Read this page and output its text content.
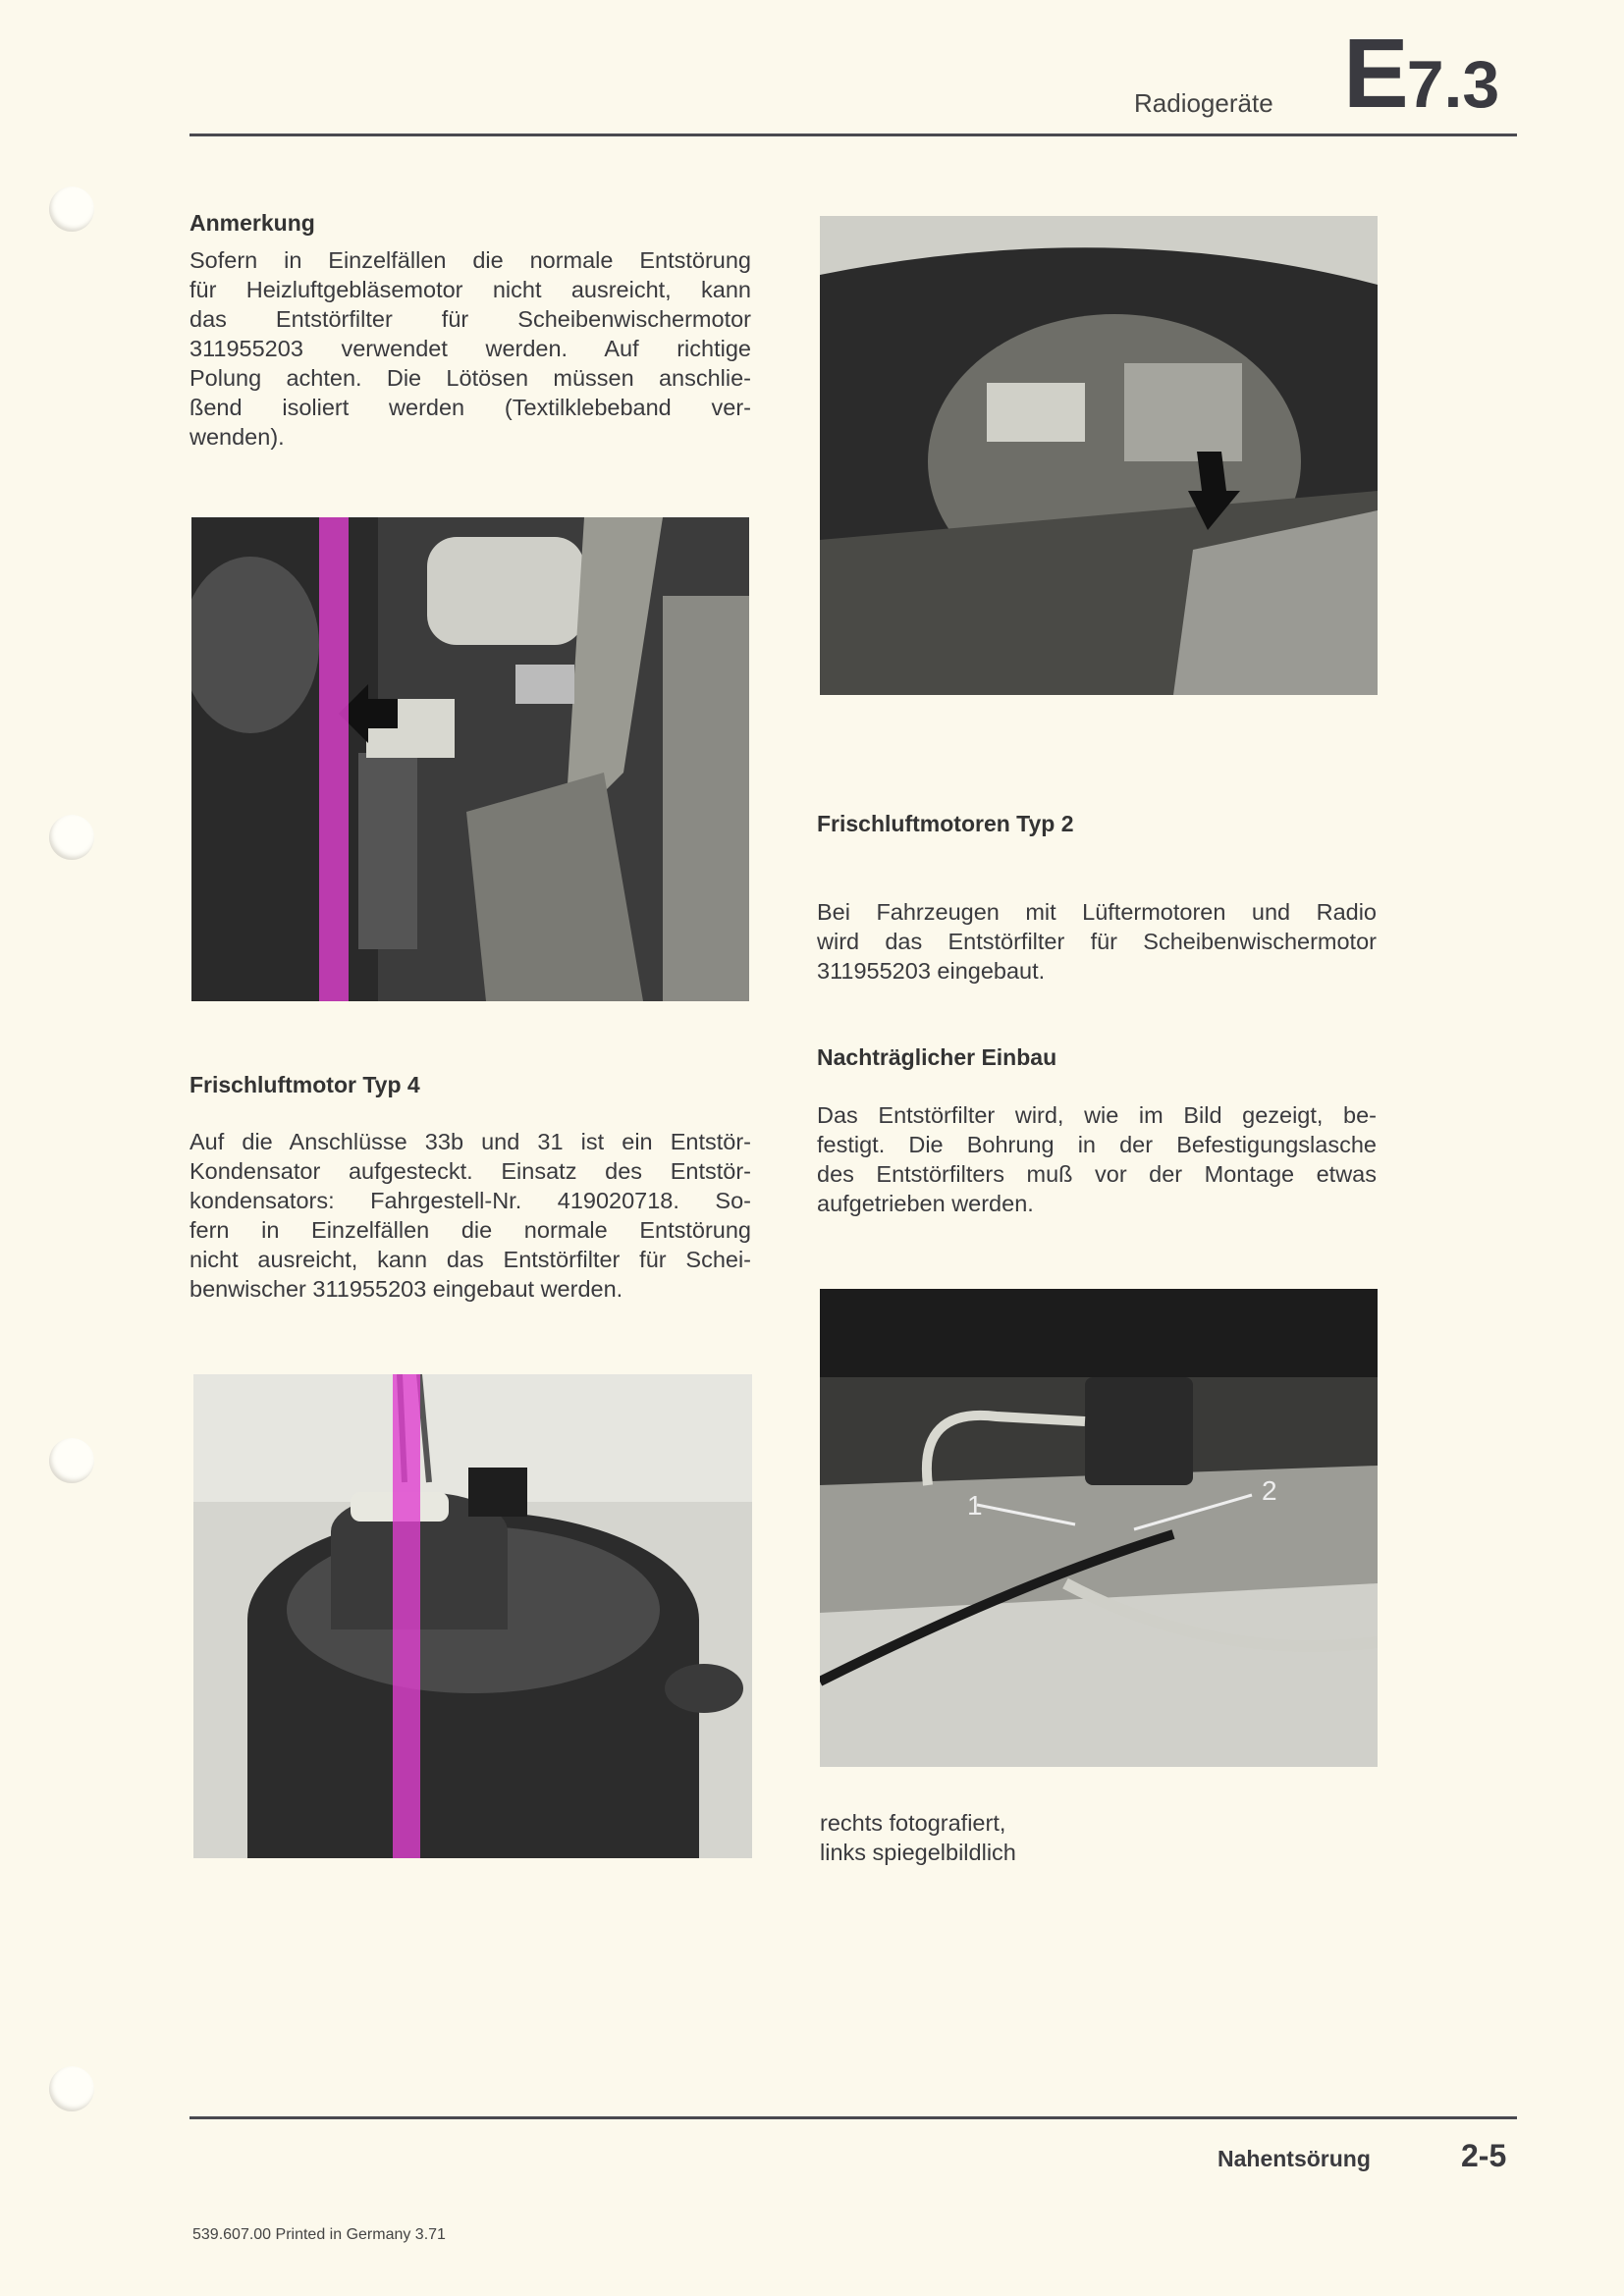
Radiogeräte E7.3
Anmerkung
Sofern in Einzelfällen die normale Entstörung
für Heizluftgebläsemotor nicht ausreicht, kann
das Entstörfilter für Scheibenwischermotor
311955203 verwendet werden. Auf richtige
Polung achten. Die Lötösen müssen anschlie-
ßend isoliert werden (Textilklebeband ver-
wenden).
Frischluftmotor Typ 4
Auf die Anschlüsse 33b und 31 ist ein Entstör-
Kondensator aufgesteckt. Einsatz des Entstör-
kondensators: Fahrgestell-Nr. 419020718. So-
fern in Einzelfällen die normale Entstörung
nicht ausreicht, kann das Entstörfilter für Schei-
benwischer 311955203 eingebaut werden.
Frischluftmotoren Typ 2
Bei Fahrzeugen mit Lüftermotoren und Radio
wird das Entstörfilter für Scheibenwischermotor
311955203 eingebaut.
Nachträglicher Einbau
Das Entstörfilter wird, wie im Bild gezeigt, be-
festigt. Die Bohrung in der Befestigungslasche
des Entstörfilters muß vor der Montage etwas
aufgetrieben werden.
1	2
rechts fotografiert,
links spiegelbildlich
Nahentsörung	2-5
539.607.00 Printed in Germany 3.71
